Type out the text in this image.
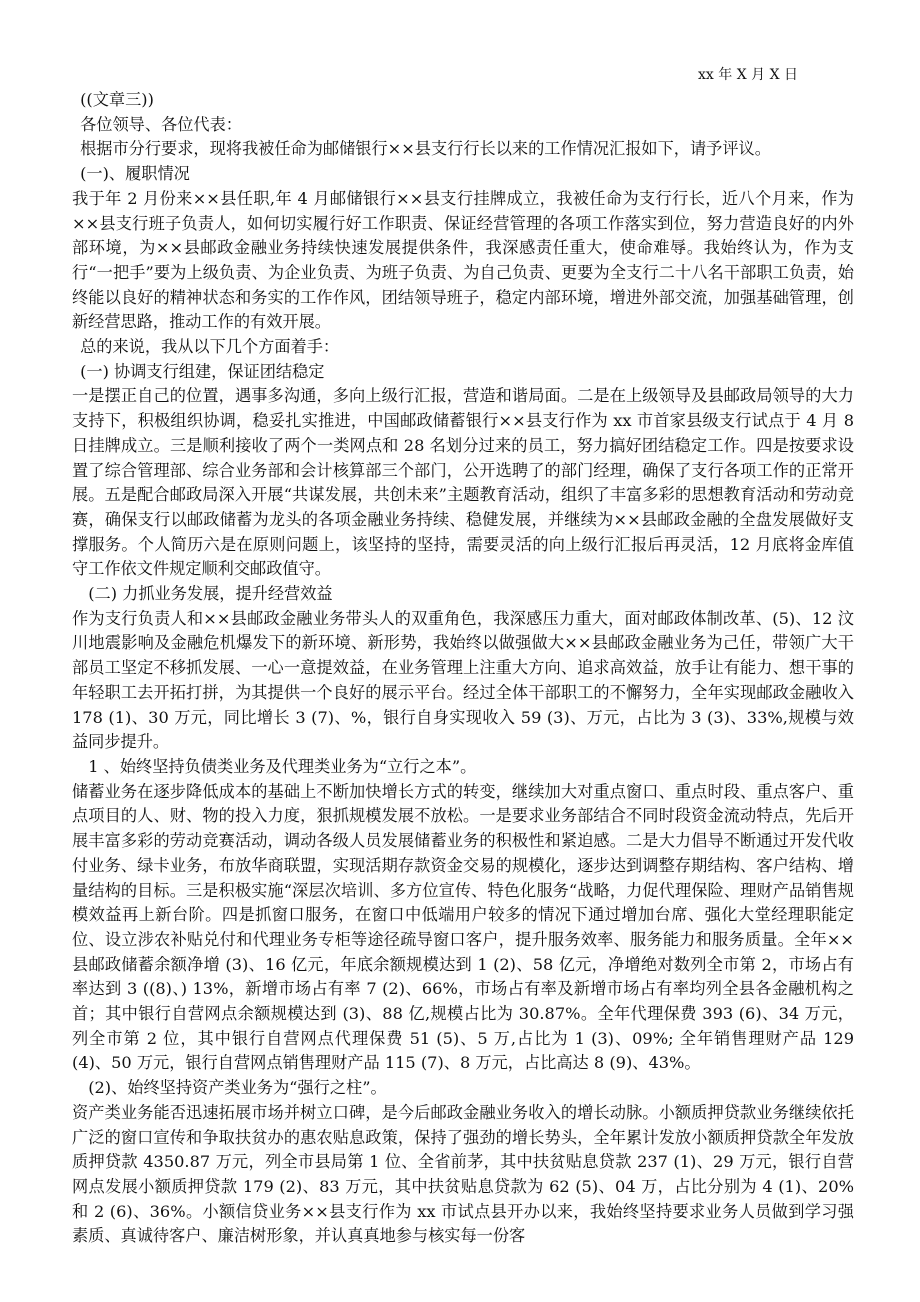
xx 年 X 月 X 日

((文章三))

各位领导、各位代表：

根据市分行要求，现将我被任命为邮储银行××县支行行长以来的工作情况汇报如下，请予评议。

(一)、履职情况

我于年 2 月份来××县任职,年 4 月邮储银行××县支行挂牌成立，我被任命为支行行长，近八个月来，作为××县支行班子负责人，如何切实履行好工作职责、保证经营管理的各项工作落实到位，努力营造良好的内外部环境，为××县邮政金融业务持续快速发展提供条件，我深感责任重大，使命难辱。我始终认为，作为支行“一把手”要为上级负责、为企业负责、为班子负责、为自己负责、更要为全支行二十八名干部职工负责，始终能以良好的精神状态和务实的工作作风，团结领导班子，稳定内部环境，增进外部交流，加强基础管理，创新经营思路，推动工作的有效开展。

总的来说，我从以下几个方面着手：

(一) 协调支行组建，保证团结稳定

一是摆正自己的位置，遇事多沟通，多向上级行汇报，营造和谐局面。二是在上级领导及县邮政局领导的大力支持下，积极组织协调，稳妥扎实推进，中国邮政储蓄银行××县支行作为 xx 市首家县级支行试点于 4 月 8 日挂牌成立。三是顺利接收了两个一类网点和 28 名划分过来的员工，努力搞好团结稳定工作。四是按要求设置了综合管理部、综合业务部和会计核算部三个部门，公开选聘了的部门经理，确保了支行各项工作的正常开展。五是配合邮政局深入开展“共谋发展，共创未来”主题教育活动，组织了丰富多彩的思想教育活动和劳动竞赛，确保支行以邮政储蓄为龙头的各项金融业务持续、稳健发展，并继续为××县邮政金融的全盘发展做好支撑服务。个人简历六是在原则问题上，该坚持的坚持，需要灵活的向上级行汇报后再灵活，12 月底将金库值守工作依文件规定顺利交邮政值守。

(二) 力抓业务发展，提升经营效益

作为支行负责人和××县邮政金融业务带头人的双重角色，我深感压力重大，面对邮政体制改革、(5)、12 汶川地震影响及金融危机爆发下的新环境、新形势，我始终以做强做大××县邮政金融业务为己任，带领广大干部员工坚定不移抓发展、一心一意提效益，在业务管理上注重大方向、追求高效益，放手让有能力、想干事的年轻职工去开拓打拼，为其提供一个良好的展示平台。经过全体干部职工的不懈努力，全年实现邮政金融收入 178 (1)、30 万元，同比增长 3 (7)、%，银行自身实现收入 59 (3)、万元，占比为 3 (3)、33%,规模与效益同步提升。

1 、始终坚持负债类业务及代理类业务为“立行之本”。

储蓄业务在逐步降低成本的基础上不断加快增长方式的转变，继续加大对重点窗口、重点时段、重点客户、重点项目的人、财、物的投入力度，狠抓规模发展不放松。一是要求业务部结合不同时段资金流动特点，先后开展丰富多彩的劳动竞赛活动，调动各级人员发展储蓄业务的积极性和紧迫感。二是大力倡导不断通过开发代收付业务、绿卡业务，布放华商联盟，实现活期存款资金交易的规模化，逐步达到调整存期结构、客户结构、增量结构的目标。三是积极实施“深层次培训、多方位宣传、特色化服务“战略，力促代理保险、理财产品销售规模效益再上新台阶。四是抓窗口服务，在窗口中低端用户较多的情况下通过增加台席、强化大堂经理职能定位、设立涉农补贴兑付和代理业务专柜等途径疏导窗口客户，提升服务效率、服务能力和服务质量。全年××县邮政储蓄余额净增 (3)、16 亿元，年底余额规模达到 1 (2)、58 亿元，净增绝对数列全市第 2，市场占有率达到 3 ((8)、) 13%，新增市场占有率 7 (2)、66%，市场占有率及新增市场占有率均列全县各金融机构之首；其中银行自营网点余额规模达到 (3)、88 亿,规模占比为 30.87%。全年代理保费 393 (6)、34 万元，列全市第 2 位，其中银行自营网点代理保费 51 (5)、5 万,占比为 1 (3)、09%; 全年销售理财产品 129 (4)、50 万元，银行自营网点销售理财产品 115 (7)、8 万元，占比高达 8 (9)、43%。

(2)、始终坚持资产类业务为“强行之柱”。

资产类业务能否迅速拓展市场并树立口碑，是今后邮政金融业务收入的增长动脉。小额质押贷款业务继续依托广泛的窗口宣传和争取扶贫办的惠农贴息政策，保持了强劲的增长势头，全年累计发放小额质押贷款全年发放质押贷款 4350.87 万元，列全市县局第 1 位、全省前茅，其中扶贫贴息贷款 237 (1)、29 万元，银行自营网点发展小额质押贷款 179 (2)、83 万元，其中扶贫贴息贷款为 62 (5)、04 万，占比分别为 4 (1)、20%和 2 (6)、36%。小额信贷业务××县支行作为 xx 市试点县开办以来，我始终坚持要求业务人员做到学习强素质、真诚待客户、廉洁树形象，并认真真地参与核实每一份客
